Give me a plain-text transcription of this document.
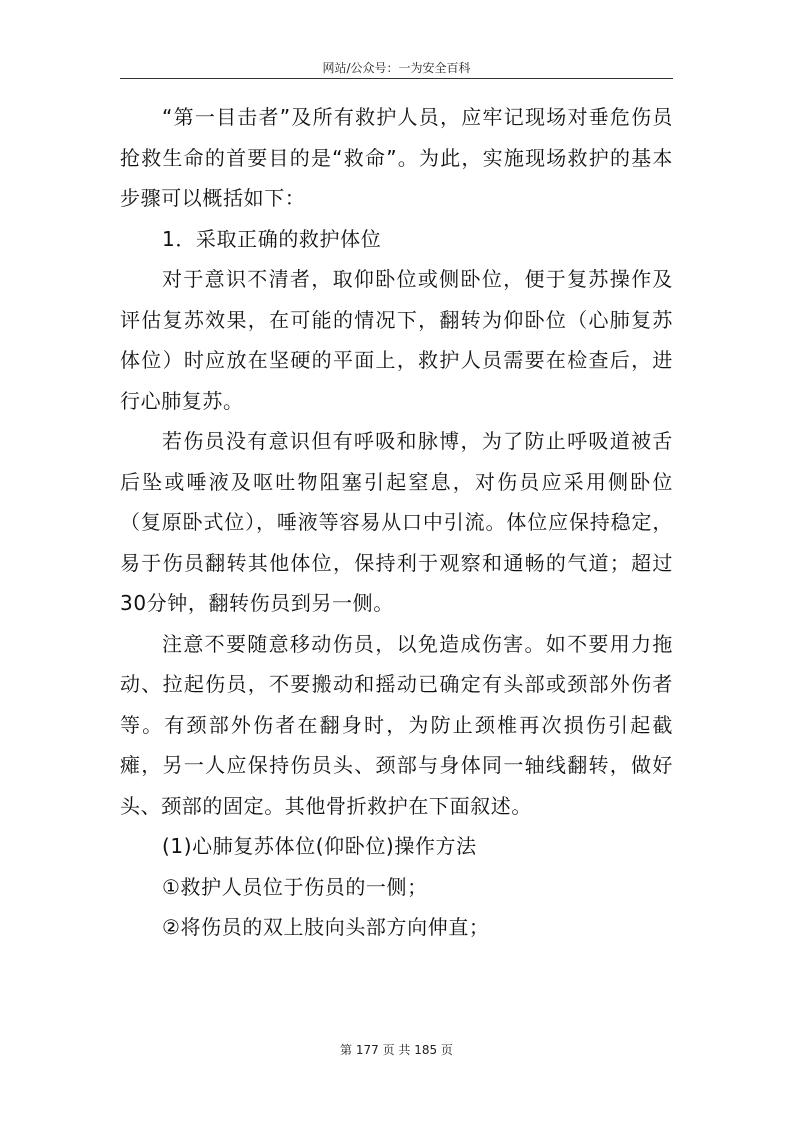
网站/公众号：一为安全百科

“第一目击者”及所有救护人员，应牢记现场对垂危伤员抢救生命的首要目的是“救命”。为此，实施现场救护的基本步骤可以概括如下：

1．采取正确的救护体位

对于意识不清者，取仰卧位或侧卧位，便于复苏操作及评估复苏效果，在可能的情况下，翻转为仰卧位（心肺复苏体位）时应放在坚硬的平面上，救护人员需要在检查后，进行心肺复苏。

若伤员没有意识但有呼吸和脉博，为了防止呼吸道被舌后坠或唾液及呕吐物阻塞引起窒息，对伤员应采用侧卧位（复原卧式位），唾液等容易从口中引流。体位应保持稳定，易于伤员翻转其他体位，保持利于观察和通畅的气道；超过30分钟，翻转伤员到另一侧。

注意不要随意移动伤员，以免造成伤害。如不要用力拖动、拉起伤员，不要搬动和摇动已确定有头部或颈部外伤者等。有颈部外伤者在翻身时，为防止颈椎再次损伤引起截瘫，另一人应保持伤员头、颈部与身体同一轴线翻转，做好头、颈部的固定。其他骨折救护在下面叙述。

(1)心肺复苏体位(仰卧位)操作方法

①救护人员位于伤员的一侧；

②将伤员的双上肢向头部方向伸直；

第 177 页 共 185 页
